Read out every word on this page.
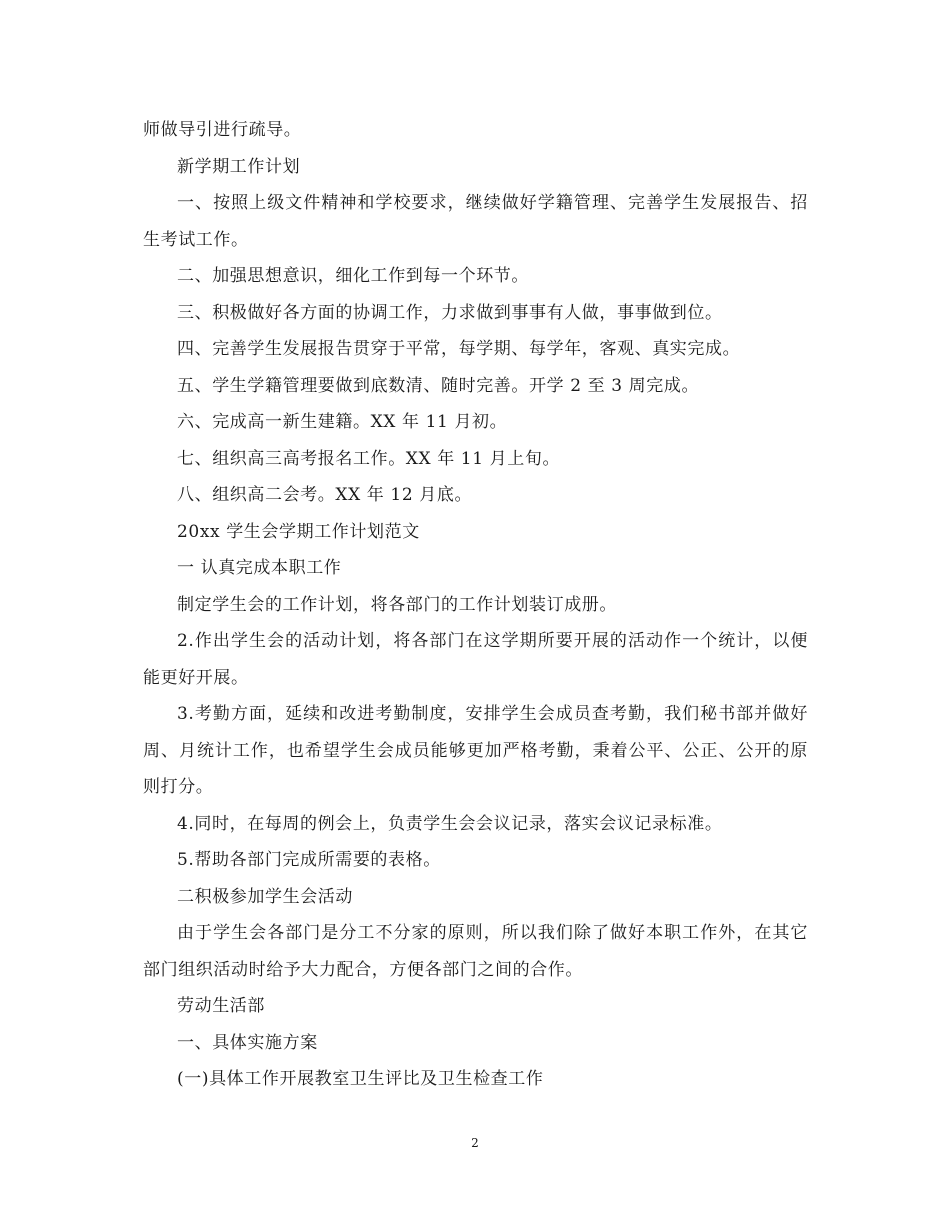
师做导引进行疏导。

新学期工作计划

一、按照上级文件精神和学校要求，继续做好学籍管理、完善学生发展报告、招生考试工作。

二、加强思想意识，细化工作到每一个环节。

三、积极做好各方面的协调工作，力求做到事事有人做，事事做到位。

四、完善学生发展报告贯穿于平常，每学期、每学年，客观、真实完成。

五、学生学籍管理要做到底数清、随时完善。开学 2 至 3 周完成。

六、完成高一新生建籍。XX 年 11 月初。

七、组织高三高考报名工作。XX 年 11 月上旬。

八、组织高二会考。XX 年 12 月底。

20xx 学生会学期工作计划范文

一 认真完成本职工作

制定学生会的工作计划，将各部门的工作计划装订成册。

2.作出学生会的活动计划，将各部门在这学期所要开展的活动作一个统计，以便能更好开展。

3.考勤方面，延续和改进考勤制度，安排学生会成员查考勤，我们秘书部并做好周、月统计工作，也希望学生会成员能够更加严格考勤，秉着公平、公正、公开的原则打分。

4.同时，在每周的例会上，负责学生会会议记录，落实会议记录标准。

5.帮助各部门完成所需要的表格。

二积极参加学生会活动

由于学生会各部门是分工不分家的原则，所以我们除了做好本职工作外，在其它部门组织活动时给予大力配合，方便各部门之间的合作。

劳动生活部

一、具体实施方案

(一)具体工作开展教室卫生评比及卫生检查工作

2
